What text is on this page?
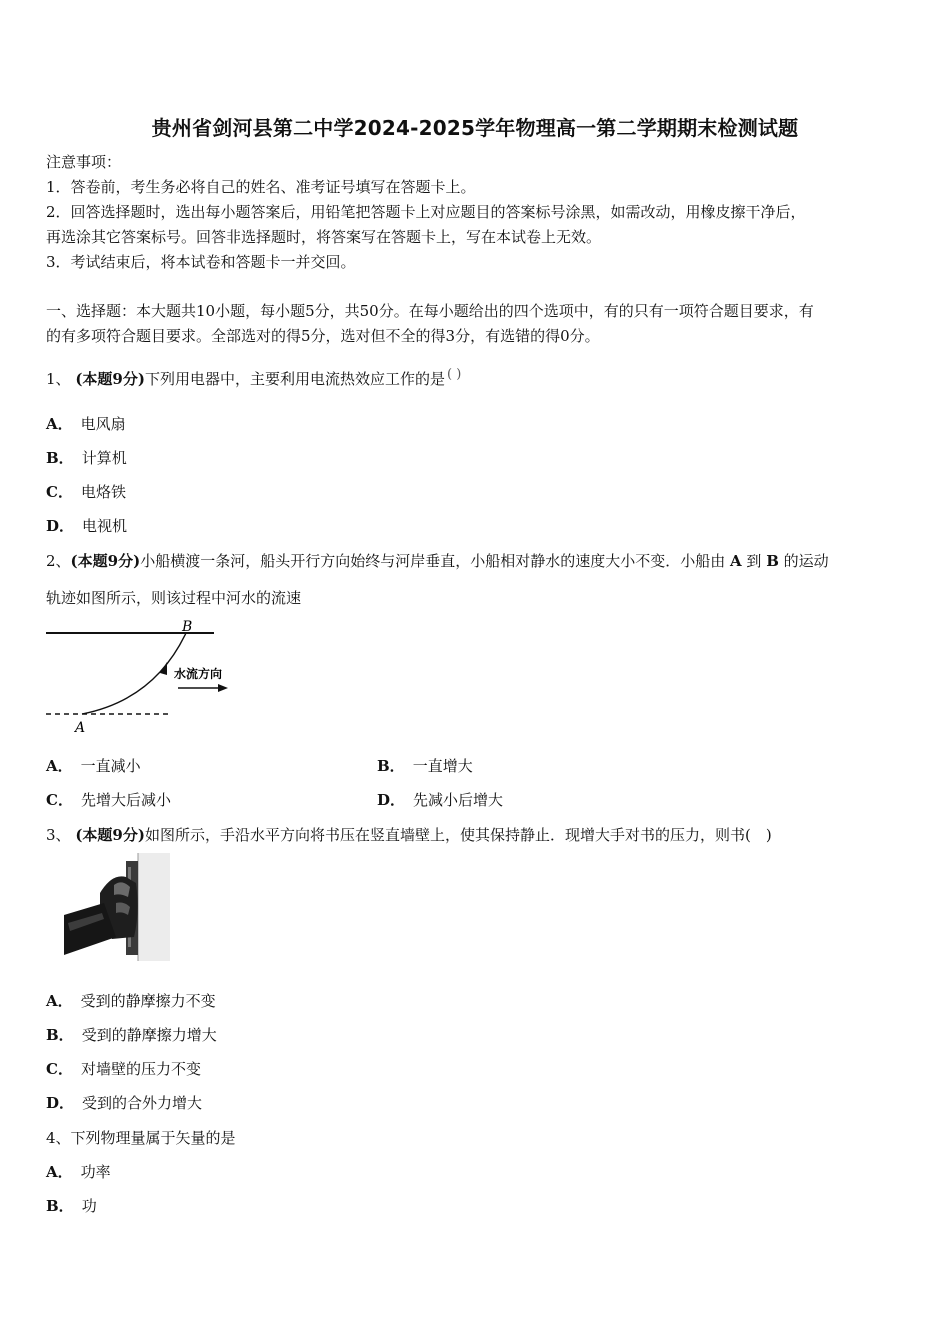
贵州省剑河县第二中学2024-2025学年物理高一第二学期期末检测试题
注意事项：
1．答卷前，考生务必将自己的姓名、准考证号填写在答题卡上。
2．回答选择题时，选出每小题答案后，用铅笔把答题卡上对应题目的答案标号涂黑，如需改动，用橡皮擦干净后，
再选涂其它答案标号。回答非选择题时，将答案写在答题卡上，写在本试卷上无效。
3．考试结束后，将本试卷和答题卡一并交回。
一、选择题：本大题共10小题，每小题5分，共50分。在每小题给出的四个选项中，有的只有一项符合题目要求，有
的有多项符合题目要求。全部选对的得5分，选对但不全的得3分，有选错的得0分。
1、 (本题9分)下列用电器中，主要利用电流热效应工作的是 ( )
A． 电风扇
B． 计算机
C． 电烙铁
D． 电视机
2、(本题9分)小船横渡一条河，船头开行方向始终与河岸垂直，小船相对静水的速度大小不变．小船由 A 到 B 的运动
轨迹如图所示，则该过程中河水的流速
B
A
水流方向
A． 一直减小	B． 一直增大
C． 先增大后减小	D． 先减小后增大
3、 (本题9分)如图所示，手沿水平方向将书压在竖直墙壁上，使其保持静止．现增大手对书的压力，则书(　)
A． 受到的静摩擦力不变
B． 受到的静摩擦力增大
C． 对墙壁的压力不变
D． 受到的合外力增大
4、下列物理量属于矢量的是
A． 功率
B． 功
